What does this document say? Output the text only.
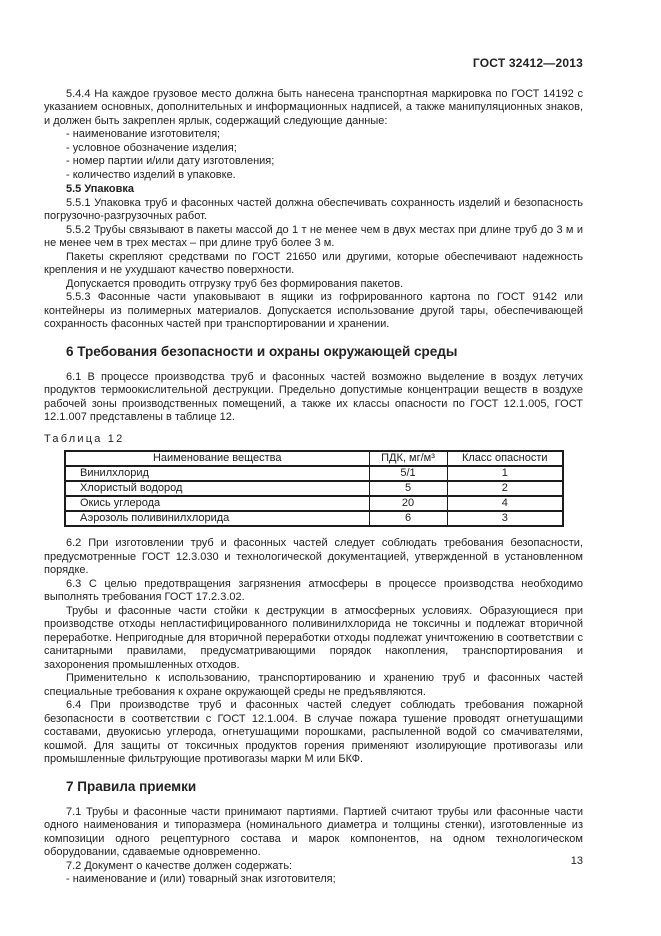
ГОСТ 32412—2013

5.4.4 На каждое грузовое место должна быть нанесена транспортная маркировка по ГОСТ 14192 с указанием основных, дополнительных и информационных надписей, а также манипуляционных знаков, и должен быть закреплен ярлык, содержащий следующие данные:

- наименование изготовителя;

- условное обозначение изделия;

- номер партии и/или дату изготовления;

- количество изделий в упаковке.

5.5 Упаковка

5.5.1 Упаковка труб и фасонных частей должна обеспечивать сохранность изделий и безопасность погрузочно-разгрузочных работ.

5.5.2 Трубы связывают в пакеты массой до 1 т не менее чем в двух местах при длине труб до 3 м и не менее чем в трех местах – при длине труб более 3 м.

Пакеты скрепляют средствами по ГОСТ 21650 или другими, которые обеспечивают надежность крепления и не ухудшают качество поверхности.

Допускается проводить отгрузку труб без формирования пакетов.

5.5.3 Фасонные части упаковывают в ящики из гофрированного картона по ГОСТ 9142 или контейнеры из полимерных материалов. Допускается использование другой тары, обеспечивающей сохранность фасонных частей при транспортировании и хранении.

6 Требования безопасности и охраны окружающей среды

6.1 В процессе производства труб и фасонных частей возможно выделение в воздух летучих продуктов термоокислительной деструкции. Предельно допустимые концентрации веществ в воздухе рабочей зоны производственных помещений, а также их классы опасности по ГОСТ 12.1.005, ГОСТ 12.1.007 представлены в таблице 12.

Таблица 12

Наименование вещества	ПДК, мг/м³	Класс опасности
Винилхлорид	5/1	1
Хлористый водород	5	2
Окись углерода	20	4
Аэрозоль поливинилхлорида	6	3

6.2 При изготовлении труб и фасонных частей следует соблюдать требования безопасности, предусмотренные ГОСТ 12.3.030 и технологической документацией, утвержденной в установленном порядке.

6.3 С целью предотвращения загрязнения атмосферы в процессе производства необходимо выполнять требования ГОСТ 17.2.3.02.

Трубы и фасонные части стойки к деструкции в атмосферных условиях. Образующиеся при производстве отходы непластифицированного поливинилхлорида не токсичны и подлежат вторичной переработке. Непригодные для вторичной переработки отходы подлежат уничтожению в соответствии с санитарными правилами, предусматривающими порядок накопления, транспортирования и захоронения промышленных отходов.

Применительно к использованию, транспортированию и хранению труб и фасонных частей специальные требования к охране окружающей среды не предъявляются.

6.4 При производстве труб и фасонных частей следует соблюдать требования пожарной безопасности в соответствии с ГОСТ 12.1.004. В случае пожара тушение проводят огнетушащими составами, двуокисью углерода, огнетушащими порошками, распыленной водой со смачивателями, кошмой. Для защиты от токсичных продуктов горения применяют изолирующие противогазы или промышленные фильтрующие противогазы марки М или БКФ.

7 Правила приемки

7.1 Трубы и фасонные части принимают партиями. Партией считают трубы или фасонные части одного наименования и типоразмера (номинального диаметра и толщины стенки), изготовленные из композиции одного рецептурного состава и марок компонентов, на одном технологическом оборудовании, сдаваемые одновременно.

7.2 Документ о качестве должен содержать:

- наименование и (или) товарный знак изготовителя;

13
